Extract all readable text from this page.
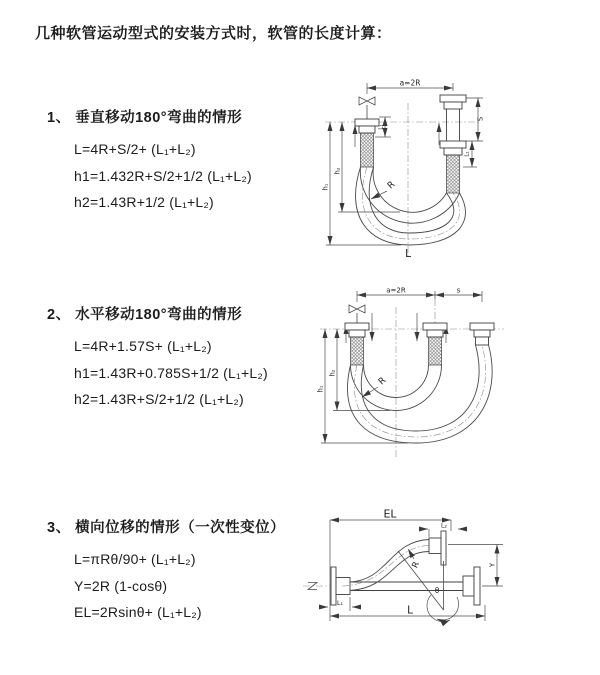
几种软管运动型式的安装方式时，软管的长度计算：
1、 垂直移动180°弯曲的情形
L=4R+S/2+ (L₁+L₂)
h1=1.432R+S/2+1/2 (L₁+L₂)
h2=1.43R+1/2 (L₁+L₂)
2、 水平移动180°弯曲的情形
L=4R+1.57S+ (L₁+L₂)
h1=1.43R+0.785S+1/2 (L₁+L₂)
h2=1.43R+S/2+1/2 (L₁+L₂)
3、 横向位移的情形（一次性变位）
L=πRθ/90+ (L₁+L₂)
Y=2R (1-cosθ)
EL=2Rsinθ+ (L₁+L₂)
a=2R
h₁
h₂
L₁
S
L₁
R
L
a=2R	s
h₁
h₂
R
EL
L₂
θ
R	Y
L₁
L
